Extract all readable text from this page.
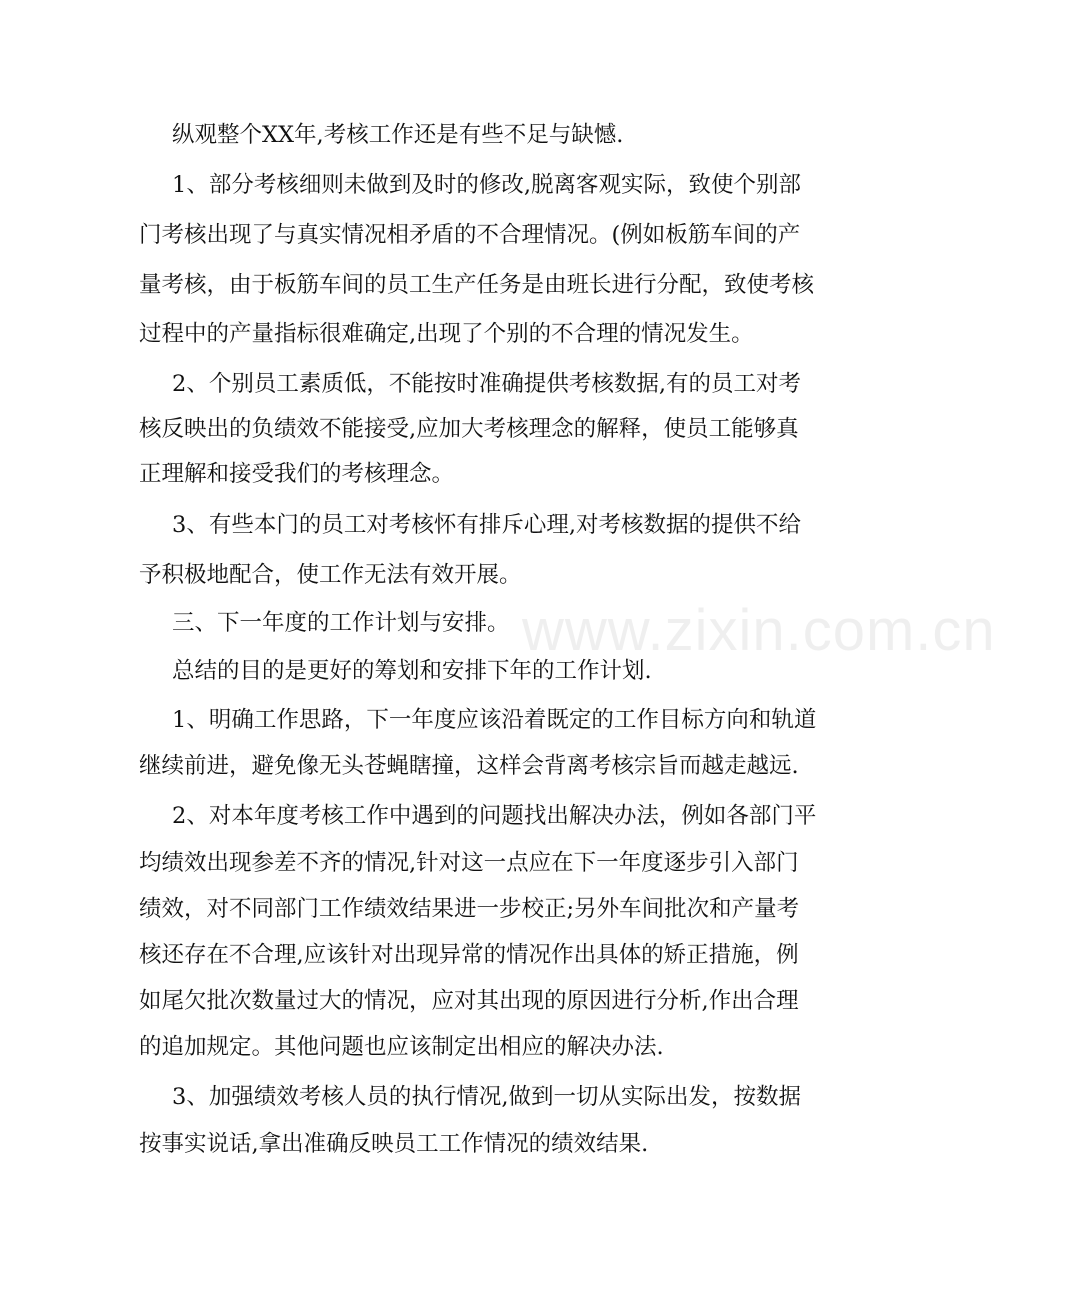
纵观整个XX年,考核工作还是有些不足与缺憾.
1、部分考核细则未做到及时的修改,脱离客观实际，致使个别部
门考核出现了与真实情况相矛盾的不合理情况。(例如板筋车间的产
量考核，由于板筋车间的员工生产任务是由班长进行分配，致使考核
过程中的产量指标很难确定,出现了个别的不合理的情况发生。
2、个别员工素质低，不能按时准确提供考核数据,有的员工对考
核反映出的负绩效不能接受,应加大考核理念的解释，使员工能够真
正理解和接受我们的考核理念。
3、有些本门的员工对考核怀有排斥心理,对考核数据的提供不给
予积极地配合，使工作无法有效开展。
三、下一年度的工作计划与安排。
总结的目的是更好的筹划和安排下年的工作计划.
1、明确工作思路，下一年度应该沿着既定的工作目标方向和轨道
继续前进，避免像无头苍蝇瞎撞，这样会背离考核宗旨而越走越远.
2、对本年度考核工作中遇到的问题找出解决办法，例如各部门平
均绩效出现参差不齐的情况,针对这一点应在下一年度逐步引入部门
绩效，对不同部门工作绩效结果进一步校正;另外车间批次和产量考
核还存在不合理,应该针对出现异常的情况作出具体的矫正措施，例
如尾欠批次数量过大的情况，应对其出现的原因进行分析,作出合理
的追加规定。其他问题也应该制定出相应的解决办法.
3、加强绩效考核人员的执行情况,做到一切从实际出发，按数据
按事实说话,拿出准确反映员工工作情况的绩效结果.
www.zixin.com.cn
